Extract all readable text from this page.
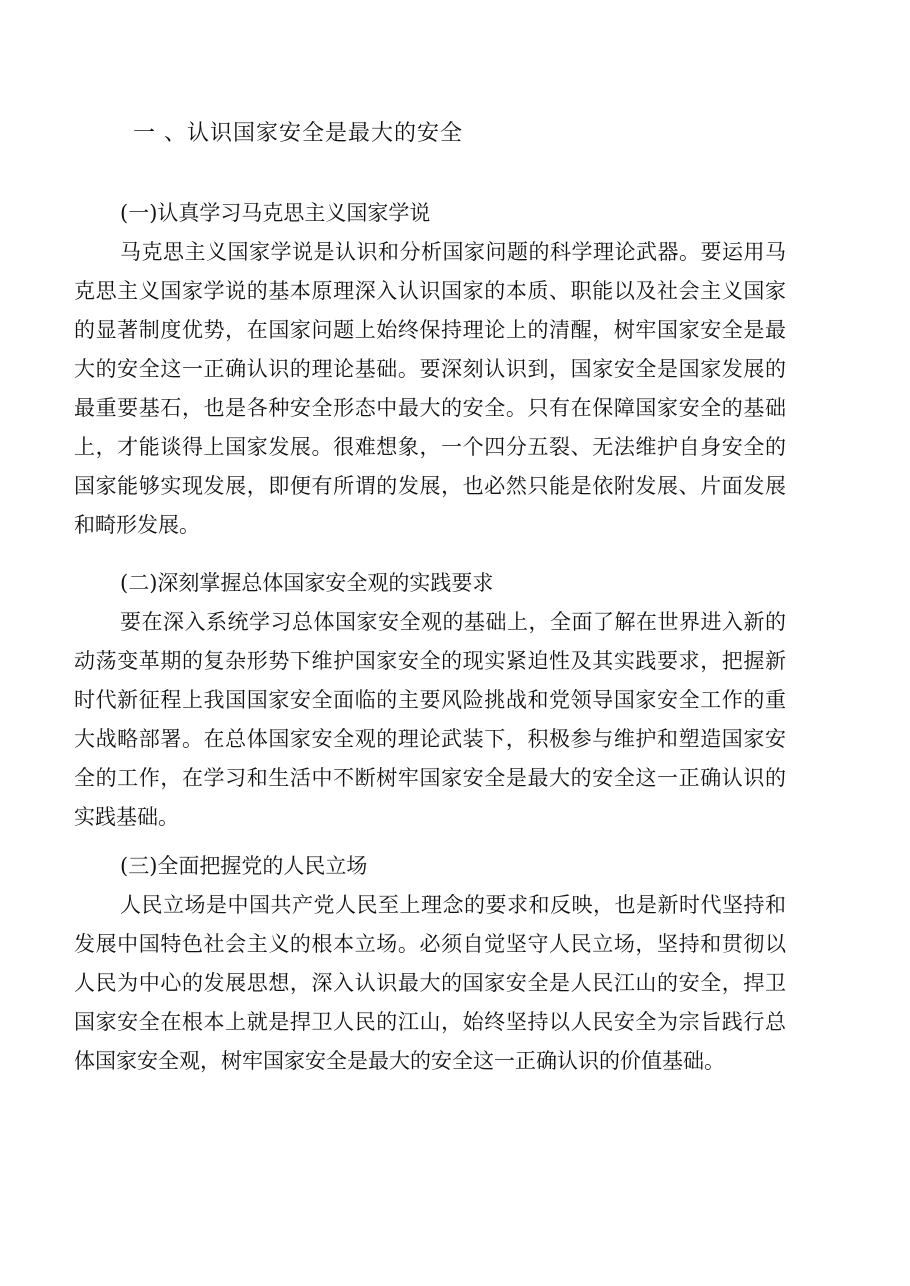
一 、认识国家安全是最大的安全
(一)认真学习马克思主义国家学说

马克思主义国家学说是认识和分析国家问题的科学理论武器。要运用马克思主义国家学说的基本原理深入认识国家的本质、职能以及社会主义国家的显著制度优势，在国家问题上始终保持理论上的清醒，树牢国家安全是最大的安全这一正确认识的理论基础。要深刻认识到，国家安全是国家发展的最重要基石，也是各种安全形态中最大的安全。只有在保障国家安全的基础上，才能谈得上国家发展。很难想象，一个四分五裂、无法维护自身安全的国家能够实现发展，即便有所谓的发展，也必然只能是依附发展、片面发展和畸形发展。

(二)深刻掌握总体国家安全观的实践要求

要在深入系统学习总体国家安全观的基础上，全面了解在世界进入新的动荡变革期的复杂形势下维护国家安全的现实紧迫性及其实践要求，把握新时代新征程上我国国家安全面临的主要风险挑战和党领导国家安全工作的重大战略部署。在总体国家安全观的理论武装下，积极参与维护和塑造国家安全的工作，在学习和生活中不断树牢国家安全是最大的安全这一正确认识的实践基础。

(三)全面把握党的人民立场

人民立场是中国共产党人民至上理念的要求和反映，也是新时代坚持和发展中国特色社会主义的根本立场。必须自觉坚守人民立场，坚持和贯彻以人民为中心的发展思想，深入认识最大的国家安全是人民江山的安全，捍卫国家安全在根本上就是捍卫人民的江山，始终坚持以人民安全为宗旨践行总体国家安全观，树牢国家安全是最大的安全这一正确认识的价值基础。
